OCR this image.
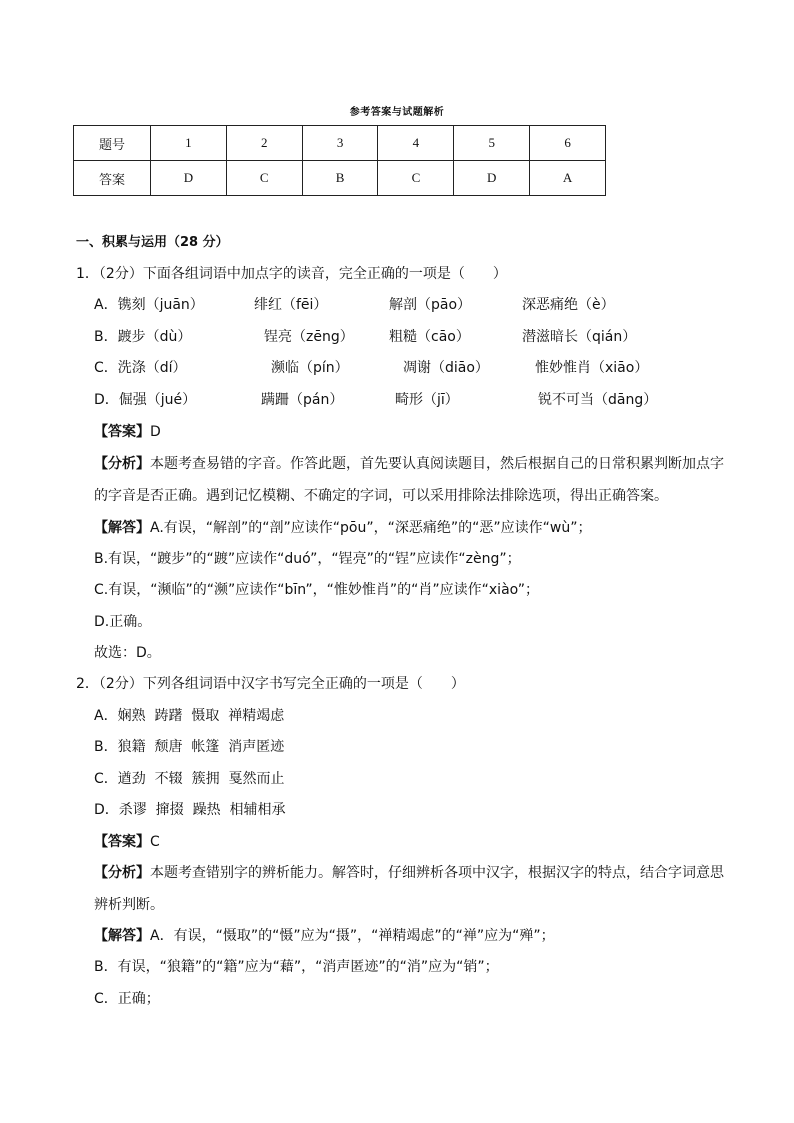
参考答案与试题解析
题号	1	2	3	4	5	6
答案	D	C	B	C	D	A
一、积累与运用（28 分）
1．（2分）下面各组词语中加点字的读音，完全正确的一项是（　　）
A．镌刻（juān）	绯红（fēi）	解剖（pāo）	深恶痛绝（è）
B．踱步（dù）	锃亮（zēng）	粗糙（cāo）	潜滋暗长（qián）
C．洗涤（dí）	濒临（pín）	凋谢（diāo）	惟妙惟肖（xiāo）
D．倔强（jué）	蹒跚（pán）	畸形（jī）	锐不可当（dāng）
【答案】D
【分析】本题考查易错的字音。作答此题，首先要认真阅读题目，然后根据自己的日常积累判断加点字
的字音是否正确。遇到记忆模糊、不确定的字词，可以采用排除法排除选项，得出正确答案。
【解答】A.有误，“解剖”的“剖”应读作“pōu”，“深恶痛绝”的“恶”应读作“wù”；
B.有误，“踱步”的“踱”应读作“duó”，“锃亮”的“锃”应读作“zèng”；
C.有误，“濒临”的“濒”应读作“bīn”，“惟妙惟肖”的“肖”应读作“xiào”；
D.正确。
故选：D。
2．（2分）下列各组词语中汉字书写完全正确的一项是（　　）
A．娴熟  踌躇  慑取  禅精竭虑
B．狼籍  颓唐  帐篷  消声匿迹
C．遒劲  不辍  簇拥  戛然而止
D．杀谬  撺掇  躁热  相辅相承
【答案】C
【分析】本题考查错别字的辨析能力。解答时，仔细辨析各项中汉字，根据汉字的特点，结合字词意思
辨析判断。
【解答】A．有误，“慑取”的“慑”应为“摄”，“禅精竭虑”的“禅”应为“殚”；
B．有误，“狼籍”的“籍”应为“藉”，“消声匿迹”的“消”应为“销”；
C．正确；
